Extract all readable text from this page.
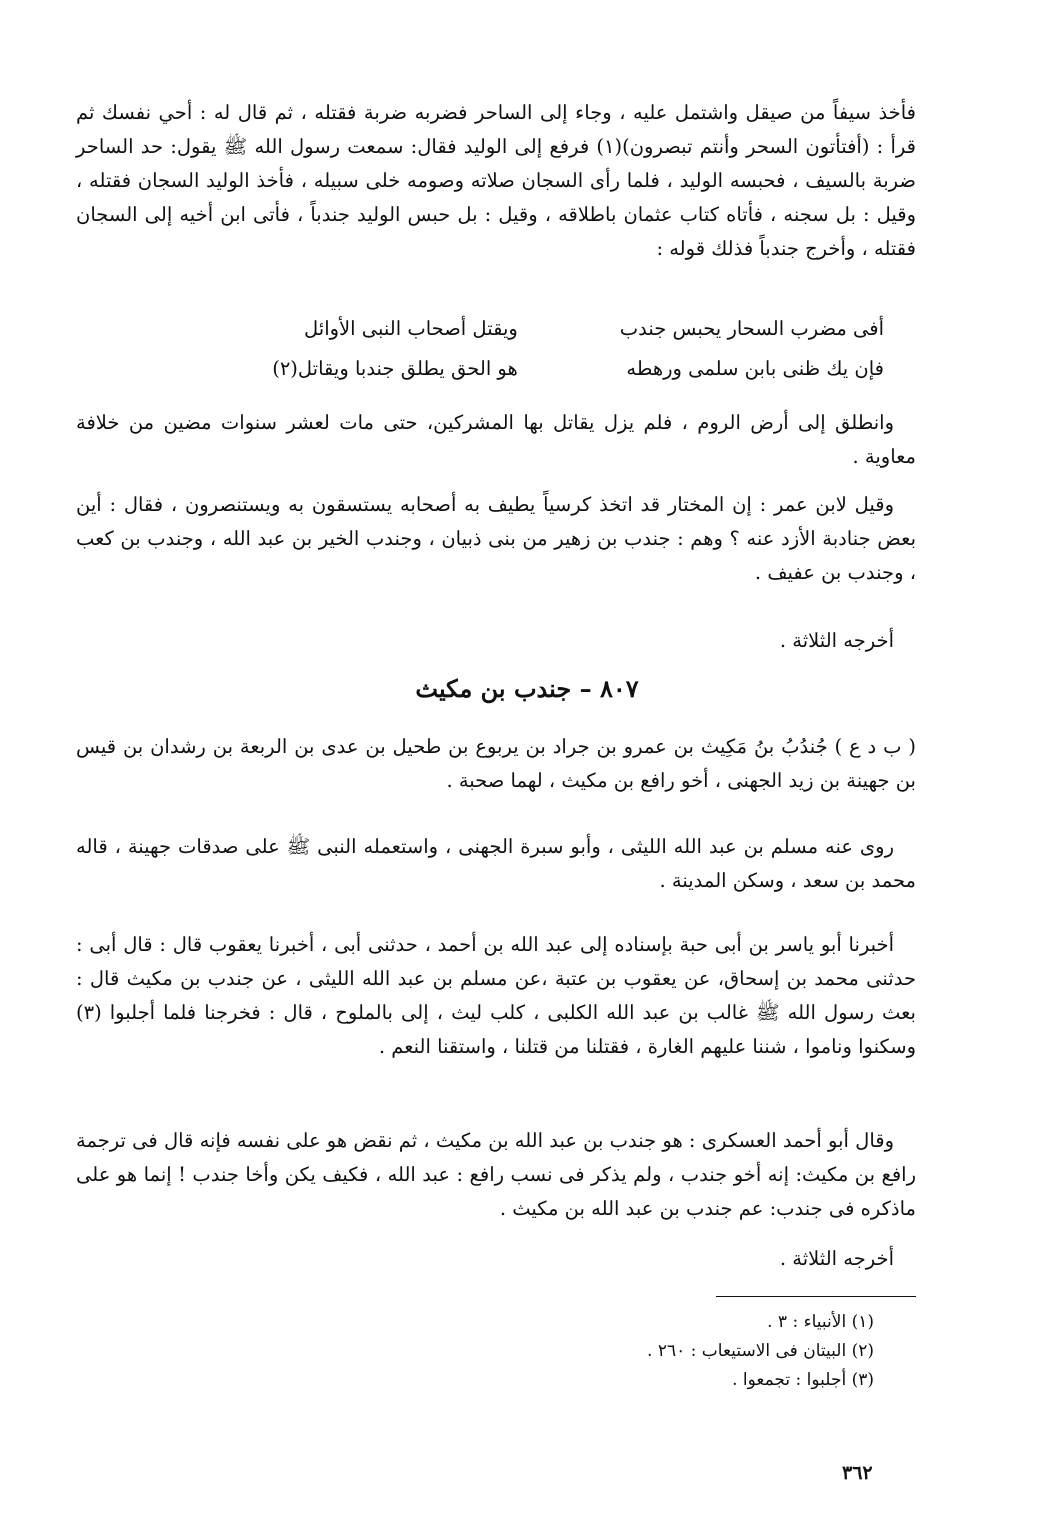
فأخذ سيفاً من صيقل واشتمل عليه ، وجاء إلى الساحر فضربه ضربة فقتله ، ثم قال له : أحي نفسك ثم قرأ : (أفتأتون السحر وأنتم تبصرون)(١) فرفع إلى الوليد فقال: سمعت رسول الله ﷺ يقول: حد الساحر ضربة بالسيف ، فحبسه الوليد ، فلما رأى السجان صلاته وصومه خلى سبيله ، فأخذ الوليد السجان فقتله ، وقيل : بل سجنه ، فأتاه كتاب عثمان باطلاقه ، وقيل : بل حبس الوليد جندباً ، فأتى ابن أخيه إلى السجان فقتله ، وأخرج جندباً فذلك قوله :

أفى مضرب السحار يحبس جندب ويقتل أصحاب النبى الأوائل
فإن يك ظنى بابن سلمى ورهطه هو الحق يطلق جندبا ويقاتل(٢)

وانطلق إلى أرض الروم ، فلم يزل يقاتل بها المشركين، حتى مات لعشر سنوات مضين من خلافة معاوية .

وقيل لابن عمر : إن المختار قد اتخذ كرسياً يطيف به أصحابه يستسقون به ويستنصرون ، فقال : أين بعض جنادبة الأزد عنه ؟ وهم : جندب بن زهير من بنى ذبيان ، وجندب الخير بن عبد الله ، وجندب بن كعب ، وجندب بن عفيف .

أخرجه الثلاثة .

٨٠٧ – جندب بن مكيث

( ب د ع ) جُندُبُ بنُ مَكِيث بن عمرو بن جراد بن يربوع بن طحيل بن عدى بن الربعة بن رشدان بن قيس بن جهينة بن زيد الجهنى ، أخو رافع بن مكيث ، لهما صحبة .

روى عنه مسلم بن عبد الله الليثى ، وأبو سبرة الجهنى ، واستعمله النبى ﷺ على صدقات جهينة ، قاله محمد بن سعد ، وسكن المدينة .

أخبرنا أبو ياسر بن أبى حبة بإسناده إلى عبد الله بن أحمد ، حدثنى أبى ، أخبرنا يعقوب قال : قال أبى : حدثنى محمد بن إسحاق، عن يعقوب بن عتبة ،عن مسلم بن عبد الله الليثى ، عن جندب بن مكيث قال : بعث رسول الله ﷺ غالب بن عبد الله الكلبى ، كلب ليث ، إلى بالملوح ، قال : فخرجنا فلما أجلبوا (٣) وسكنوا وناموا ، شننا عليهم الغارة ، فقتلنا من قتلنا ، واستقنا النعم .

وقال أبو أحمد العسكرى : هو جندب بن عبد الله بن مكيث ، ثم نقض هو على نفسه فإنه قال فى ترجمة رافع بن مكيث: إنه أخو جندب ، ولم يذكر فى نسب رافع : عبد الله ، فكيف يكن وأخا جندب ! إنما هو على ماذكره فى جندب: عم جندب بن عبد الله بن مكيث .

أخرجه الثلاثة .

(١) الأنبياء : ٣ .
(٢) البيتان فى الاستيعاب : ٢٦٠ .
(٣) أجلبوا : تجمعوا .
٣٦٢
